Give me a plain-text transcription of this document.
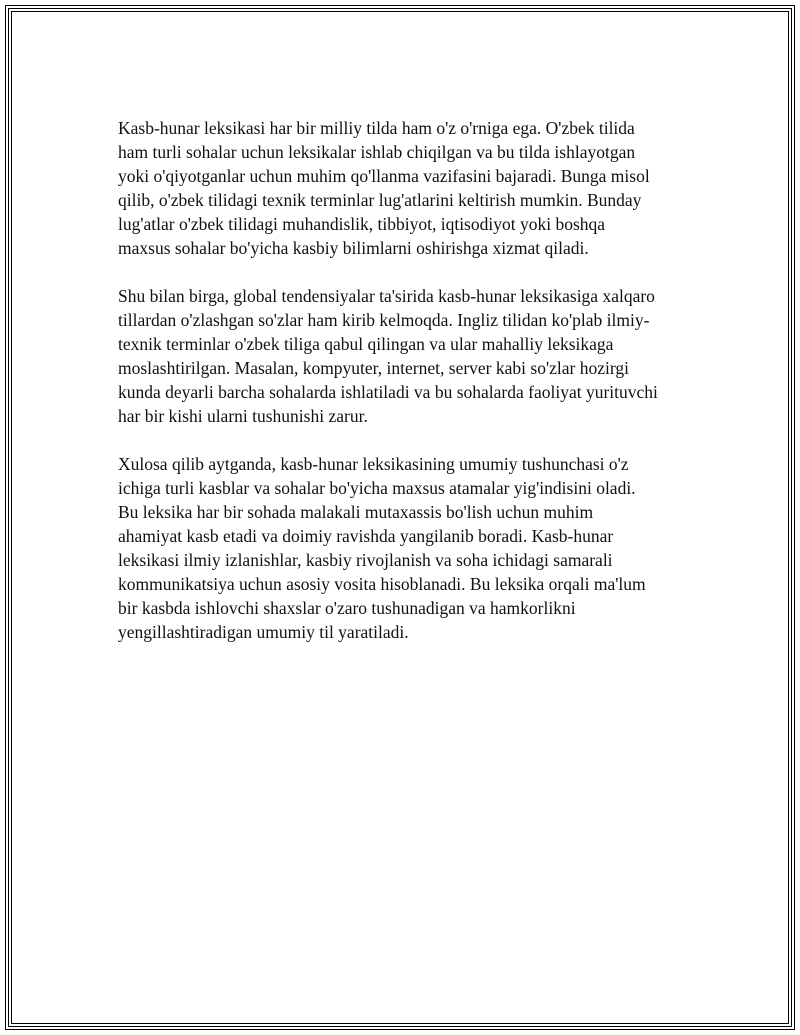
Kasb-hunar leksikasi har bir milliy tilda ham o'z o'rniga ega. O'zbek tilida
ham turli sohalar uchun leksikalar ishlab chiqilgan va bu tilda ishlayotgan
yoki o'qiyotganlar uchun muhim qo'llanma vazifasini bajaradi. Bunga misol
qilib, o'zbek tilidagi texnik terminlar lug'atlarini keltirish mumkin. Bunday
lug'atlar o'zbek tilidagi muhandislik, tibbiyot, iqtisodiyot yoki boshqa
maxsus sohalar bo'yicha kasbiy bilimlarni oshirishga xizmat qiladi.

Shu bilan birga, global tendensiyalar ta'sirida kasb-hunar leksikasiga xalqaro
tillardan o'zlashgan so'zlar ham kirib kelmoqda. Ingliz tilidan ko'plab ilmiy-
texnik terminlar o'zbek tiliga qabul qilingan va ular mahalliy leksikaga
moslashtirilgan. Masalan, kompyuter, internet, server kabi so'zlar hozirgi
kunda deyarli barcha sohalarda ishlatiladi va bu sohalarda faoliyat yurituvchi
har bir kishi ularni tushunishi zarur.

Xulosa qilib aytganda, kasb-hunar leksikasining umumiy tushunchasi o'z
ichiga turli kasblar va sohalar bo'yicha maxsus atamalar yig'indisini oladi.
Bu leksika har bir sohada malakali mutaxassis bo'lish uchun muhim
ahamiyat kasb etadi va doimiy ravishda yangilanib boradi. Kasb-hunar
leksikasi ilmiy izlanishlar, kasbiy rivojlanish va soha ichidagi samarali
kommunikatsiya uchun asosiy vosita hisoblanadi. Bu leksika orqali ma'lum
bir kasbda ishlovchi shaxslar o'zaro tushunadigan va hamkorlikni
yengillashtiradigan umumiy til yaratiladi.
